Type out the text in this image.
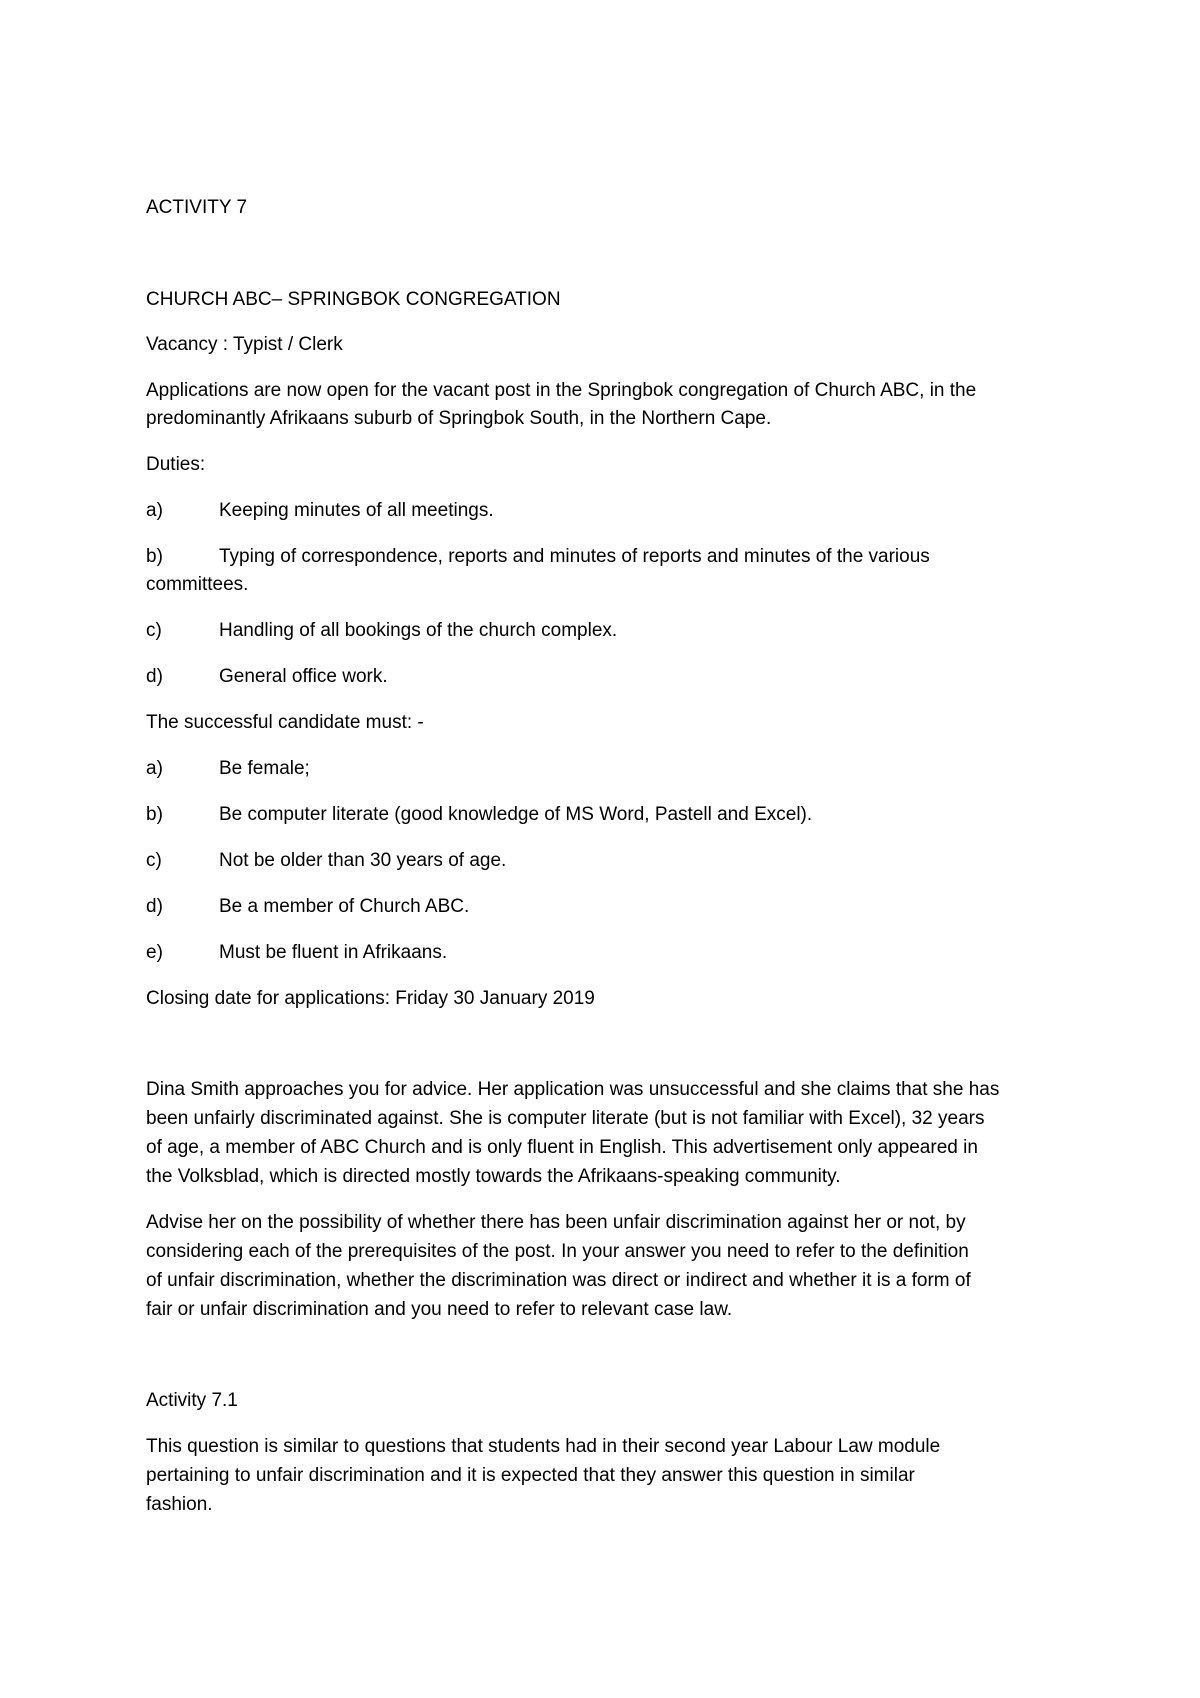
ACTIVITY 7
CHURCH ABC– SPRINGBOK CONGREGATION
Vacancy : Typist / Clerk
Applications are now open for the vacant post in the Springbok congregation of Church ABC, in the
predominantly Afrikaans suburb of Springbok South, in the Northern Cape.
Duties:
a)	Keeping minutes of all meetings.
b)	Typing of correspondence, reports and minutes of reports and minutes of the various
committees.
c)	Handling of all bookings of the church complex.
d)	General office work.
The successful candidate must: -
a)	Be female;
b)	Be computer literate (good knowledge of MS Word, Pastell and Excel).
c)	Not be older than 30 years of age.
d)	Be a member of Church ABC.
e)	Must be fluent in Afrikaans.
Closing date for applications: Friday 30 January 2019
Dina Smith approaches you for advice. Her application was unsuccessful and she claims that she has
been unfairly discriminated against. She is computer literate (but is not familiar with Excel), 32 years
of age, a member of ABC Church and is only fluent in English. This advertisement only appeared in
the Volksblad, which is directed mostly towards the Afrikaans-speaking community.
Advise her on the possibility of whether there has been unfair discrimination against her or not, by
considering each of the prerequisites of the post. In your answer you need to refer to the definition
of unfair discrimination, whether the discrimination was direct or indirect and whether it is a form of
fair or unfair discrimination and you need to refer to relevant case law.
Activity 7.1
This question is similar to questions that students had in their second year Labour Law module
pertaining to unfair discrimination and it is expected that they answer this question in similar
fashion.
